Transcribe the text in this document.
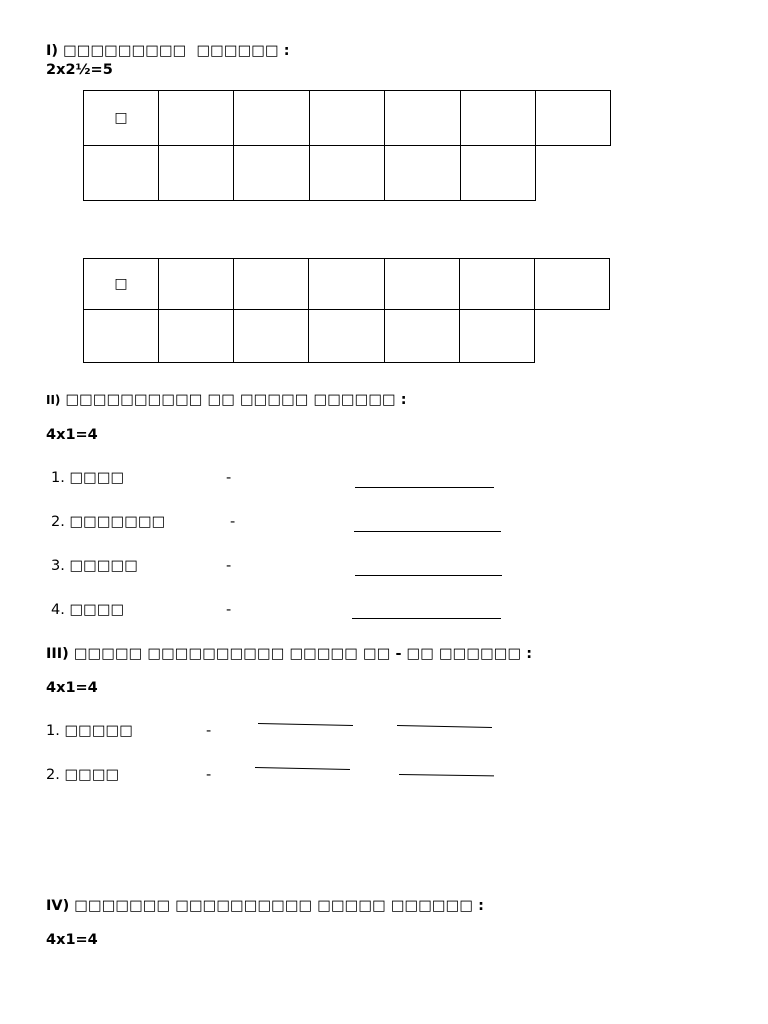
I) □□□□□□□□□  □□□□□□ :
2x2½=5
□						

□						

II) □□□□□□□□□□ □□ □□□□□ □□□□□□ :
4x1=4
1. □□□□	-
2. □□□□□□□	-
3. □□□□□	-
4. □□□□	-
III) □□□□□ □□□□□□□□□□ □□□□□ □□ - □□ □□□□□□ :
4x1=4
1. □□□□□	-
2. □□□□	-
IV) □□□□□□□ □□□□□□□□□□ □□□□□ □□□□□□ :
4x1=4
